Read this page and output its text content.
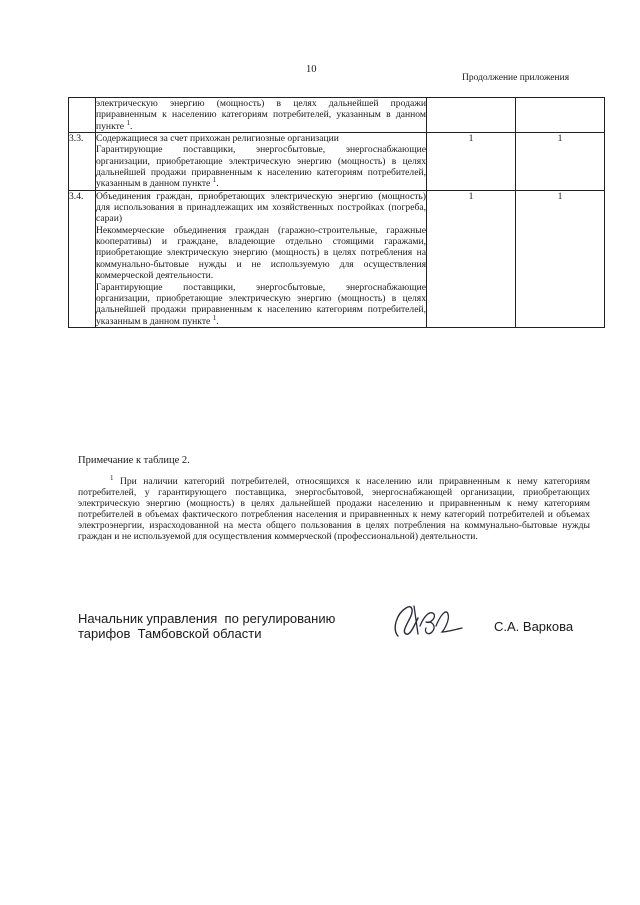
10
Продолжение приложения

	электрическую энергию (мощность) в целях дальнейшей продажи приравненным к населению категориям потребителей, указанным в данном пункте $^1$.		

3.3.	Содержащиеся за счет прихожан религиозные организации
Гарантирующие поставщики, энергосбытовые, энергоснабжающие организации, приобретающие электрическую энергию (мощность) в целях дальнейшей продажи приравненным к населению категориям потребителей, указанным в данном пункте $^1$.	1	1
3.4.	Объединения граждан, приобретающих электрическую энергию (мощность) для использования в принадлежащих им хозяйственных постройках (погреба, сараи)
Некоммерческие объединения граждан (гаражно-строительные, гаражные кооперативы) и граждане, владеющие отдельно стоящими гаражами, приобретающие электрическую энергию (мощность) в целях потребления на коммунально-бытовые нужды и не используемую для осуществления коммерческой деятельности.
Гарантирующие поставщики, энергосбытовые, энергоснабжающие организации, приобретающие электрическую энергию (мощность) в целях дальнейшей продажи приравненным к населению категориям потребителей, указанным в данном пункте $^1$.	1	1
Примечание к таблице 2.
$^1$ При наличии категорий потребителей, относящихся к населению или приравненным к нему категориям потребителей, у гарантирующего поставщика, энергосбытовой, энергоснабжающей организации, приобретающих электрическую энергию (мощность) в целях дальнейшей продажи населению и приравненным к нему категориям потребителей в объемах фактического потребления населения и приравненных к нему категорий потребителей и объемах электроэнергии, израсходованной на места общего пользования в целях потребления на коммунально-бытовые нужды граждан и не используемой для осуществления коммерческой (профессиональной) деятельности.
Начальник управления  по регулированию
тарифов  Тамбовской области	С.А. Варкова
